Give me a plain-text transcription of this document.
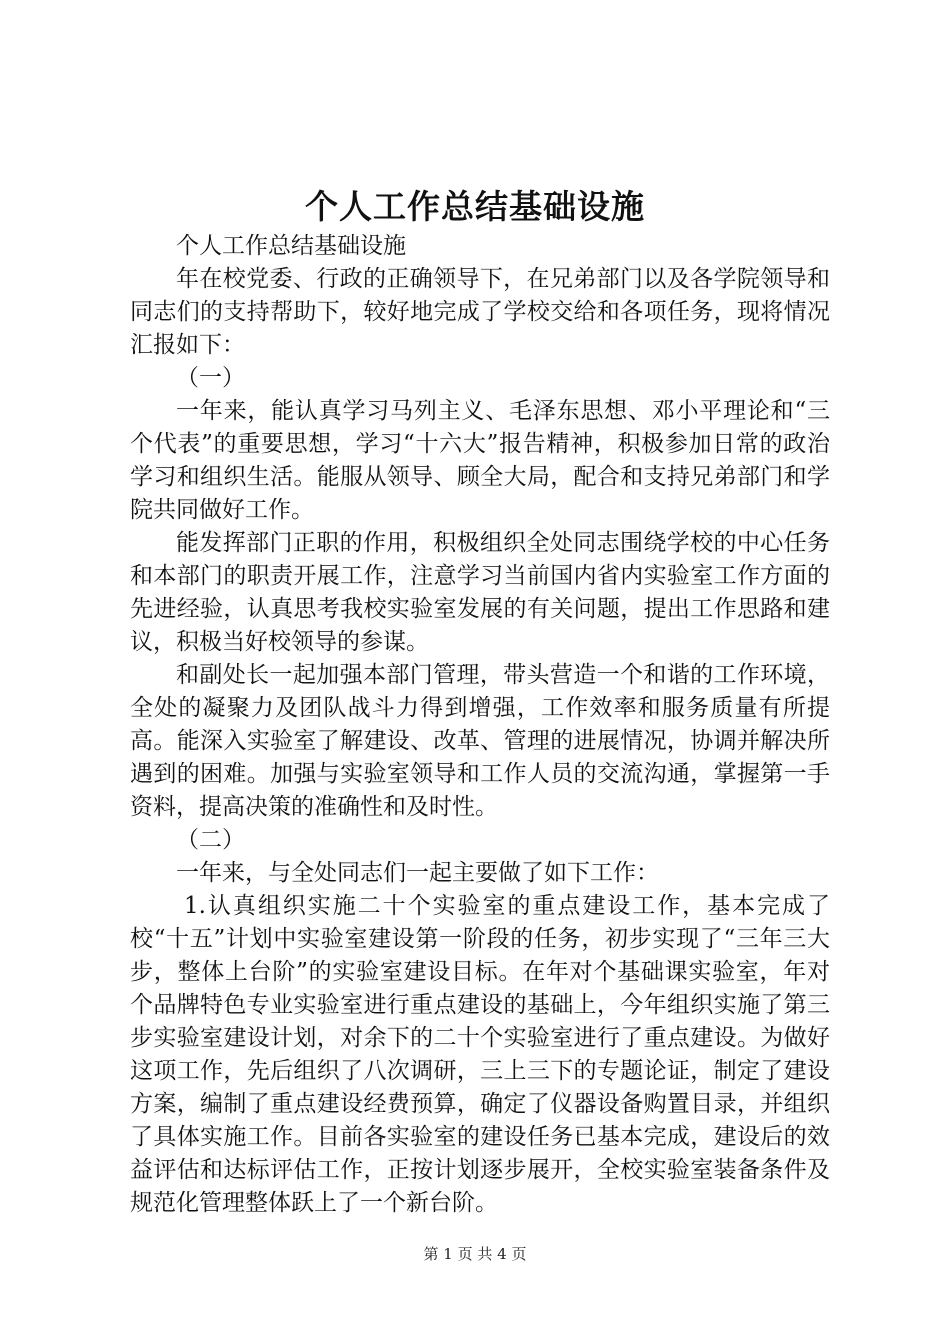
个人工作总结基础设施

个人工作总结基础设施

年在校党委、行政的正确领导下，在兄弟部门以及各学院领导和同志们的支持帮助下，较好地完成了学校交给和各项任务，现将情况汇报如下：

（一）

一年来，能认真学习马列主义、毛泽东思想、邓小平理论和“三个代表”的重要思想，学习“十六大”报告精神，积极参加日常的政治学习和组织生活。能服从领导、顾全大局，配合和支持兄弟部门和学院共同做好工作。

能发挥部门正职的作用，积极组织全处同志围绕学校的中心任务和本部门的职责开展工作，注意学习当前国内省内实验室工作方面的先进经验，认真思考我校实验室发展的有关问题，提出工作思路和建议，积极当好校领导的参谋。

和副处长一起加强本部门管理，带头营造一个和谐的工作环境，全处的凝聚力及团队战斗力得到增强，工作效率和服务质量有所提高。能深入实验室了解建设、改革、管理的进展情况，协调并解决所遇到的困难。加强与实验室领导和工作人员的交流沟通，掌握第一手资料，提高决策的准确性和及时性。

（二）

一年来，与全处同志们一起主要做了如下工作：

1.认真组织实施二十个实验室的重点建设工作，基本完成了校“十五”计划中实验室建设第一阶段的任务，初步实现了“三年三大步，整体上台阶”的实验室建设目标。在年对个基础课实验室，年对个品牌特色专业实验室进行重点建设的基础上，今年组织实施了第三步实验室建设计划，对余下的二十个实验室进行了重点建设。为做好这项工作，先后组织了八次调研，三上三下的专题论证，制定了建设方案，编制了重点建设经费预算，确定了仪器设备购置目录，并组织了具体实施工作。目前各实验室的建设任务已基本完成，建设后的效益评估和达标评估工作，正按计划逐步展开，全校实验室装备条件及规范化管理整体跃上了一个新台阶。

第 1 页 共 4 页
